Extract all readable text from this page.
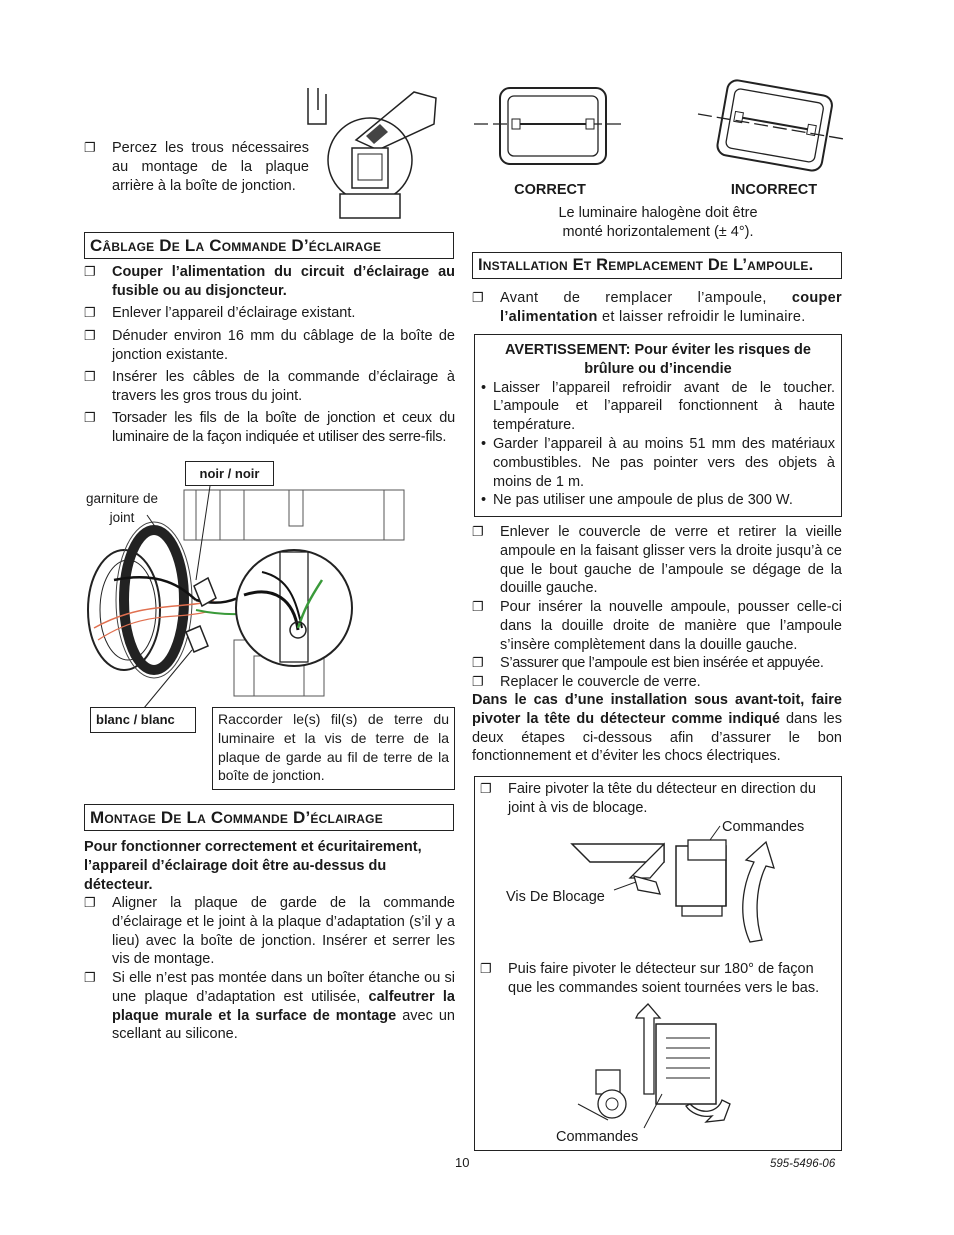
❐ Percez les trous nécessaires au montage de la plaque arrière à la boîte de jonction.
Câblage De La Commande D’éclairage
❐ Couper l’alimentation du circuit d’éclairage au fusible ou au disjoncteur.
❐ Enlever l’appareil d’éclairage existant.
❐ Dénuder environ 16 mm du câblage de la boîte de jonction existante.
❐ Insérer les câbles de la commande d’éclairage à travers les gros trous du joint.
❐ Torsader les fils de la boîte de jonction et ceux du luminaire de la façon indiquée et utiliser des serre-fils.
noir / noir
garniture de joint
blanc / blanc	Raccorder le(s) fil(s) de terre du luminaire et la vis de terre de la plaque de garde au fil de terre de la boîte de jonction.
Montage De La Commande D’éclairage
Pour fonctionner correctement et écuritairement, l’appareil d’éclairage doit être au-dessus du détecteur.
❐ Aligner la plaque de garde de la commande d’éclairage et le joint à la plaque d’adaptation (s’il y a lieu) avec la boîte de jonction. Insérer et serrer les vis de montage.
❐ Si elle n’est pas montée dans un boîter étanche ou si une plaque d’adaptation est utilisée, calfeutrer la plaque murale et la surface de montage avec un scellant au silicone.
CORRECT	INCORRECT
Le luminaire halogène doit être monté horizontalement (± 4°).
Installation Et Remplacement De L’ampoule.
❐ Avant de remplacer l’ampoule, couper l’alimentation et laisser refroidir le luminaire.
AVERTISSEMENT: Pour éviter les risques de brûlure ou d’incendie
• Laisser l’appareil refroidir avant de le toucher. L’ampoule et l’appareil fonctionnent à haute température.
• Garder l’appareil à au moins 51 mm des matériaux combustibles. Ne pas pointer vers des objets à moins de 1 m.
• Ne pas utiliser une ampoule de plus de 300 W.
❐ Enlever le couvercle de verre et retirer la vieille ampoule en la faisant glisser vers la droite jusqu’à ce que le bout gauche de l’ampoule se dégage de la douille gauche.
❐ Pour insérer la nouvelle ampoule, pousser celle-ci dans la douille droite de manière que l’ampoule s’insère complètement dans la douille gauche.
❐ S’assurer que l’ampoule est bien insérée et appuyée.
❐ Replacer le couvercle de verre.
Dans le cas d’une installation sous avant-toit, faire pivoter la tête du détecteur comme indiqué dans les deux étapes ci-dessous afin d’assurer le bon fonctionnement et d’éviter les chocs électriques.
❐ Faire pivoter la tête du détecteur en direction du joint à vis de blocage.
Commandes
Vis De Blocage
❐ Puis faire pivoter le détecteur sur 180° de façon que les commandes soient tournées vers le bas.
Commandes
10	595-5496-06
